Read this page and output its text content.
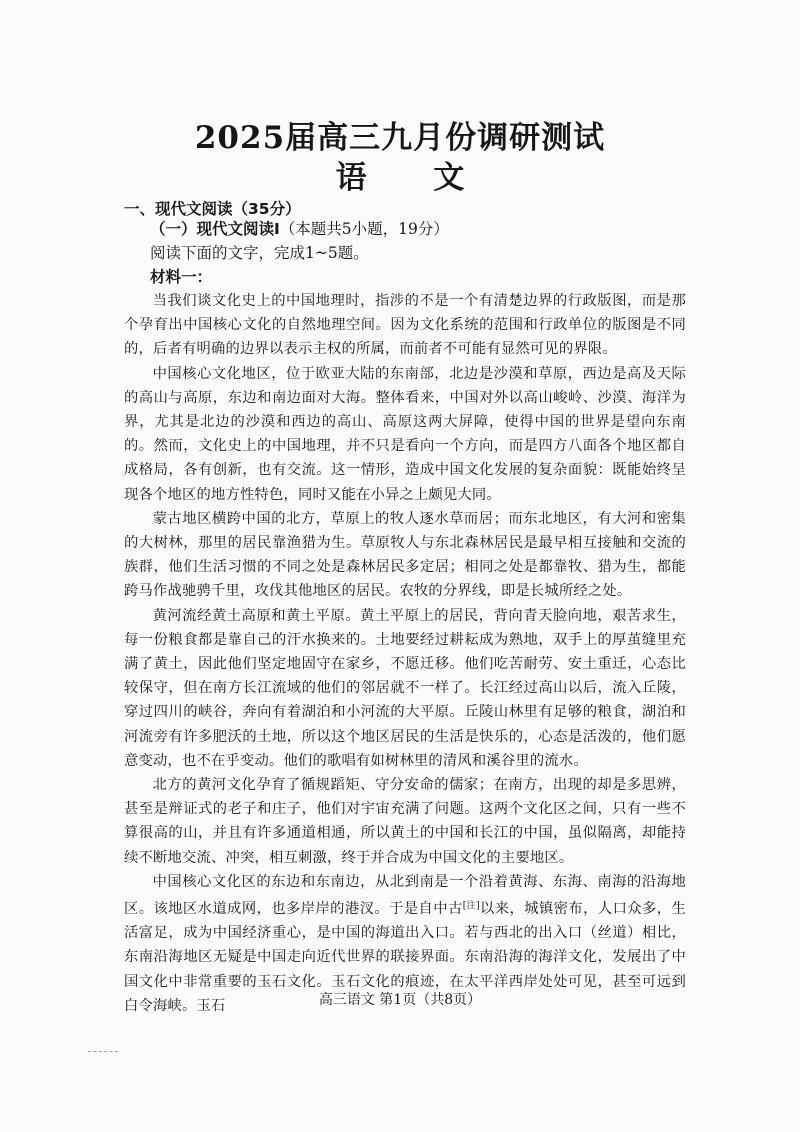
2025届高三九月份调研测试
语 文
一、现代文阅读（35分）
（一）现代文阅读Ⅰ（本题共5小题，19分）
阅读下面的文字，完成1~5题。
材料一：

当我们谈文化史上的中国地理时，指涉的不是一个有清楚边界的行政版图，而是那个孕育出中国核心文化的自然地理空间。因为文化系统的范围和行政单位的版图是不同的，后者有明确的边界以表示主权的所属，而前者不可能有显然可见的界限。

中国核心文化地区，位于欧亚大陆的东南部，北边是沙漠和草原，西边是高及天际的高山与高原，东边和南边面对大海。整体看来，中国对外以高山峻岭、沙漠、海洋为界，尤其是北边的沙漠和西边的高山、高原这两大屏障，使得中国的世界是望向东南的。然而，文化史上的中国地理，并不只是看向一个方向，而是四方八面各个地区都自成格局，各有创新，也有交流。这一情形，造成中国文化发展的复杂面貌：既能始终呈现各个地区的地方性特色，同时又能在小异之上颇见大同。

蒙古地区横跨中国的北方，草原上的牧人逐水草而居；而东北地区，有大河和密集的大树林，那里的居民靠渔猎为生。草原牧人与东北森林居民是最早相互接触和交流的族群，他们生活习惯的不同之处是森林居民多定居；相同之处是都靠牧、猎为生，都能跨马作战驰骋千里，攻伐其他地区的居民。农牧的分界线，即是长城所经之处。

黄河流经黄土高原和黄土平原。黄土平原上的居民，背向青天脸向地，艰苦求生，每一份粮食都是靠自己的汗水换来的。土地要经过耕耘成为熟地，双手上的厚茧缝里充满了黄土，因此他们坚定地固守在家乡，不愿迁移。他们吃苦耐劳、安土重迁，心态比较保守，但在南方长江流域的他们的邻居就不一样了。长江经过高山以后，流入丘陵，穿过四川的峡谷，奔向有着湖泊和小河流的大平原。丘陵山林里有足够的粮食，湖泊和河流旁有许多肥沃的土地，所以这个地区居民的生活是快乐的，心态是活泼的，他们愿意变动，也不在乎变动。他们的歌唱有如树林里的清风和溪谷里的流水。

北方的黄河文化孕育了循规蹈矩、守分安命的儒家；在南方，出现的却是多思辨，甚至是辩证式的老子和庄子，他们对宇宙充满了问题。这两个文化区之间，只有一些不算很高的山，并且有许多通道相通，所以黄土的中国和长江的中国，虽似隔离，却能持续不断地交流、冲突，相互刺激，终于并合成为中国文化的主要地区。

中国核心文化区的东边和东南边，从北到南是一个沿着黄海、东海、南海的沿海地区。该地区水道成网，也多岸岸的港汊。于是自中古[注]以来，城镇密布，人口众多，生活富足，成为中国经济重心，是中国的海道出入口。若与西北的出入口（丝道）相比，东南沿海地区无疑是中国走向近代世界的联接界面。东南沿海的海洋文化，发展出了中国文化中非常重要的玉石文化。玉石文化的痕迹，在太平洋西岸处处可见，甚至可远到白令海峡。玉石	高三语文 第1页（共8页）
